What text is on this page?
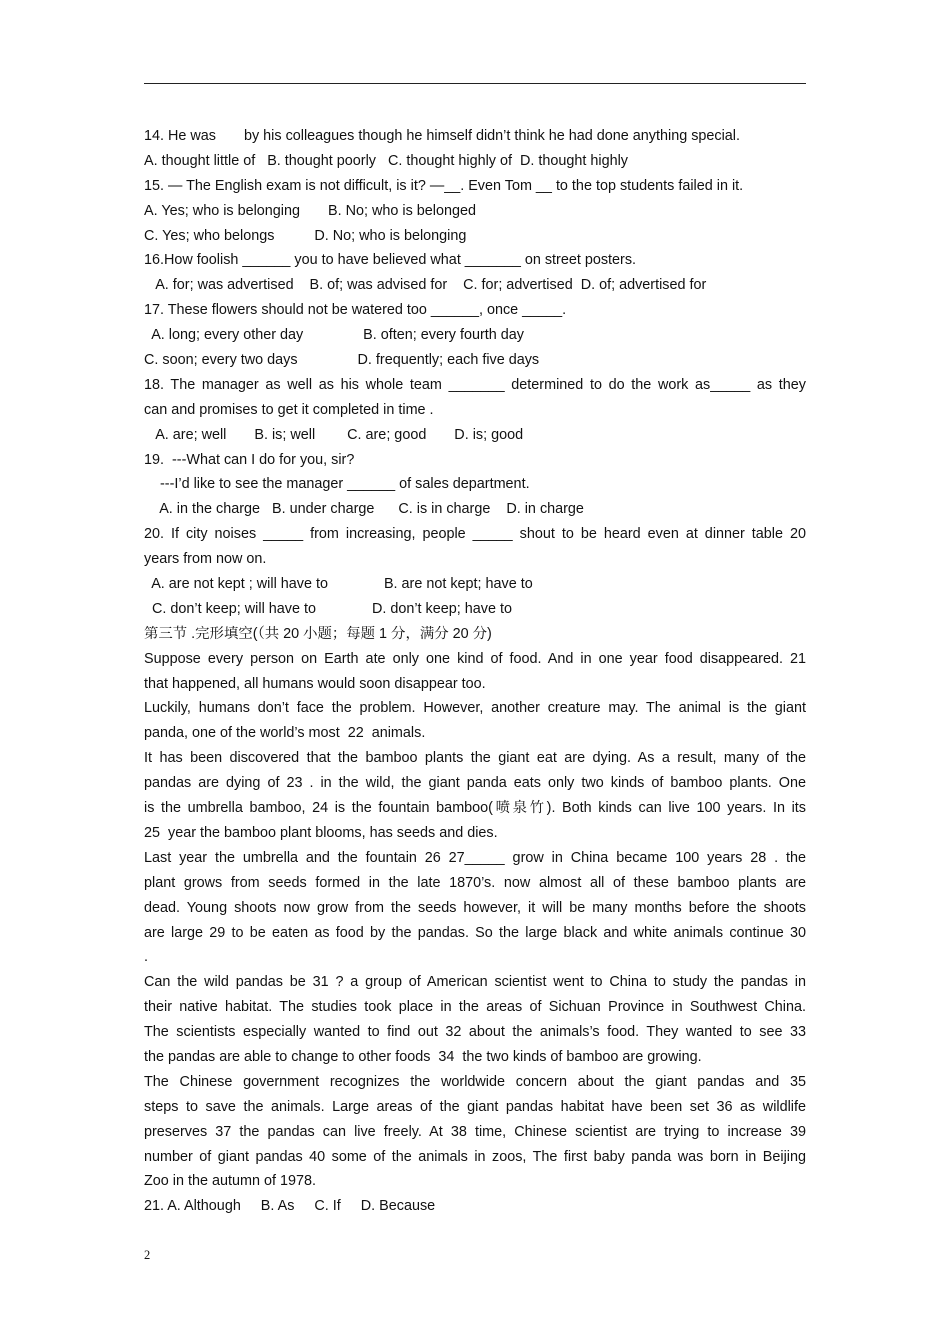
14. He was       by his colleagues though he himself didn’t think he had done anything special.
A. thought little of   B. thought poorly   C. thought highly of  D. thought highly
15. — The English exam is not difficult, is it? —__. Even Tom __ to the top students failed in it.
A. Yes; who is belonging       B. No; who is belonged
C. Yes; who belongs          D. No; who is belonging
16.How foolish ______ you to have believed what _______ on street posters.
A. for; was advertised    B. of; was advised for    C. for; advertised  D. of; advertised for
17. These flowers should not be watered too ______, once _____.
A. long; every other day               B. often; every fourth day
C. soon; every two days               D. frequently; each five days
18. The manager as well as his whole team _______ determined to do the work as_____ as they
can and promises to get it completed in time .
A. are; well       B. is; well        C. are; good       D. is; good
19.  ---What can I do for you, sir?
---I’d like to see the manager ______ of sales department.
A. in the charge   B. under charge      C. is in charge    D. in charge
20. If city noises _____ from increasing, people _____ shout to be heard even at dinner table 20
years from now on.
A. are not kept ; will have to              B. are not kept; have to
C. don’t keep; will have to              D. don’t keep; have to
第三节 .完形填空(（共 20 小题；每题 1 分，满分 20 分)
Suppose every person on Earth ate only one kind of food. And in one year food disappeared. 21
that happened, all humans would soon disappear too.
Luckily, humans don’t face the problem. However, another creature may. The animal is the giant
panda, one of the world’s most  22  animals.
It has been discovered that the bamboo plants the giant eat are dying. As a result, many of the
pandas are dying of 23 . in the wild, the giant panda eats only two kinds of bamboo plants. One
is the umbrella bamboo, 24 is the fountain bamboo(喷泉竹). Both kinds can live 100 years. In its
25  year the bamboo plant blooms, has seeds and dies.
Last year the umbrella and the fountain 26 27_____ grow in China became 100 years 28 . the
plant grows from seeds formed in the late 1870’s. now almost all of these bamboo plants are
dead. Young shoots now grow from the seeds however, it will be many months before the shoots
are large 29 to be eaten as food by the pandas. So the large black and white animals continue 30
.
Can the wild pandas be 31 ? a group of American scientist went to China to study the pandas in
their native habitat. The studies took place in the areas of Sichuan Province in Southwest China.
The scientists especially wanted to find out 32 about the animals’s food. They wanted to see 33
the pandas are able to change to other foods  34  the two kinds of bamboo are growing.
The Chinese government recognizes the worldwide concern about the giant pandas and 35
steps to save the animals. Large areas of the giant pandas habitat have been set 36 as wildlife
preserves 37 the pandas can live freely. At 38 time, Chinese scientist are trying to increase 39
number of giant pandas 40 some of the animals in zoos, The first baby panda was born in Beijing
Zoo in the autumn of 1978.
21. A. Although     B. As     C. If     D. Because
2
